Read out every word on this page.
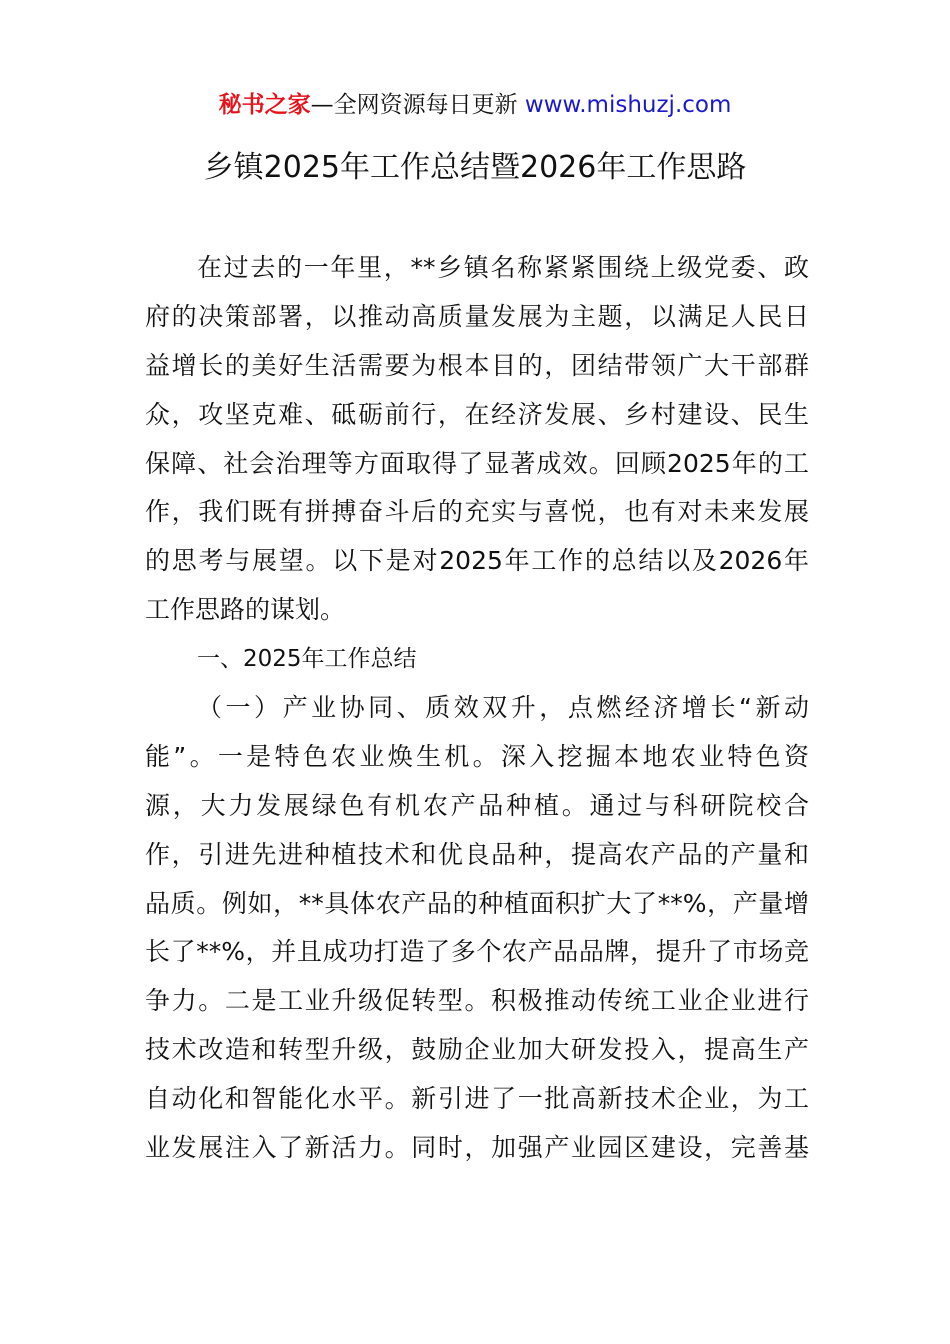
秘书之家—全网资源每日更新 www.mishuzj.com
乡镇2025年工作总结暨2026年工作思路
在过去的一年里，**乡镇名称紧紧围绕上级党委、政
府的决策部署，以推动高质量发展为主题，以满足人民日
益增长的美好生活需要为根本目的，团结带领广大干部群
众，攻坚克难、砥砺前行，在经济发展、乡村建设、民生
保障、社会治理等方面取得了显著成效。回顾2025年的工
作，我们既有拼搏奋斗后的充实与喜悦，也有对未来发展
的思考与展望。以下是对2025年工作的总结以及2026年
工作思路的谋划。
一、2025年工作总结
（一）产业协同、质效双升，点燃经济增长“新动
能”。一是特色农业焕生机。深入挖掘本地农业特色资
源，大力发展绿色有机农产品种植。通过与科研院校合
作，引进先进种植技术和优良品种，提高农产品的产量和
品质。例如，**具体农产品的种植面积扩大了**%，产量增
长了**%，并且成功打造了多个农产品品牌，提升了市场竞
争力。二是工业升级促转型。积极推动传统工业企业进行
技术改造和转型升级，鼓励企业加大研发投入，提高生产
自动化和智能化水平。新引进了一批高新技术企业，为工
业发展注入了新活力。同时，加强产业园区建设，完善基
